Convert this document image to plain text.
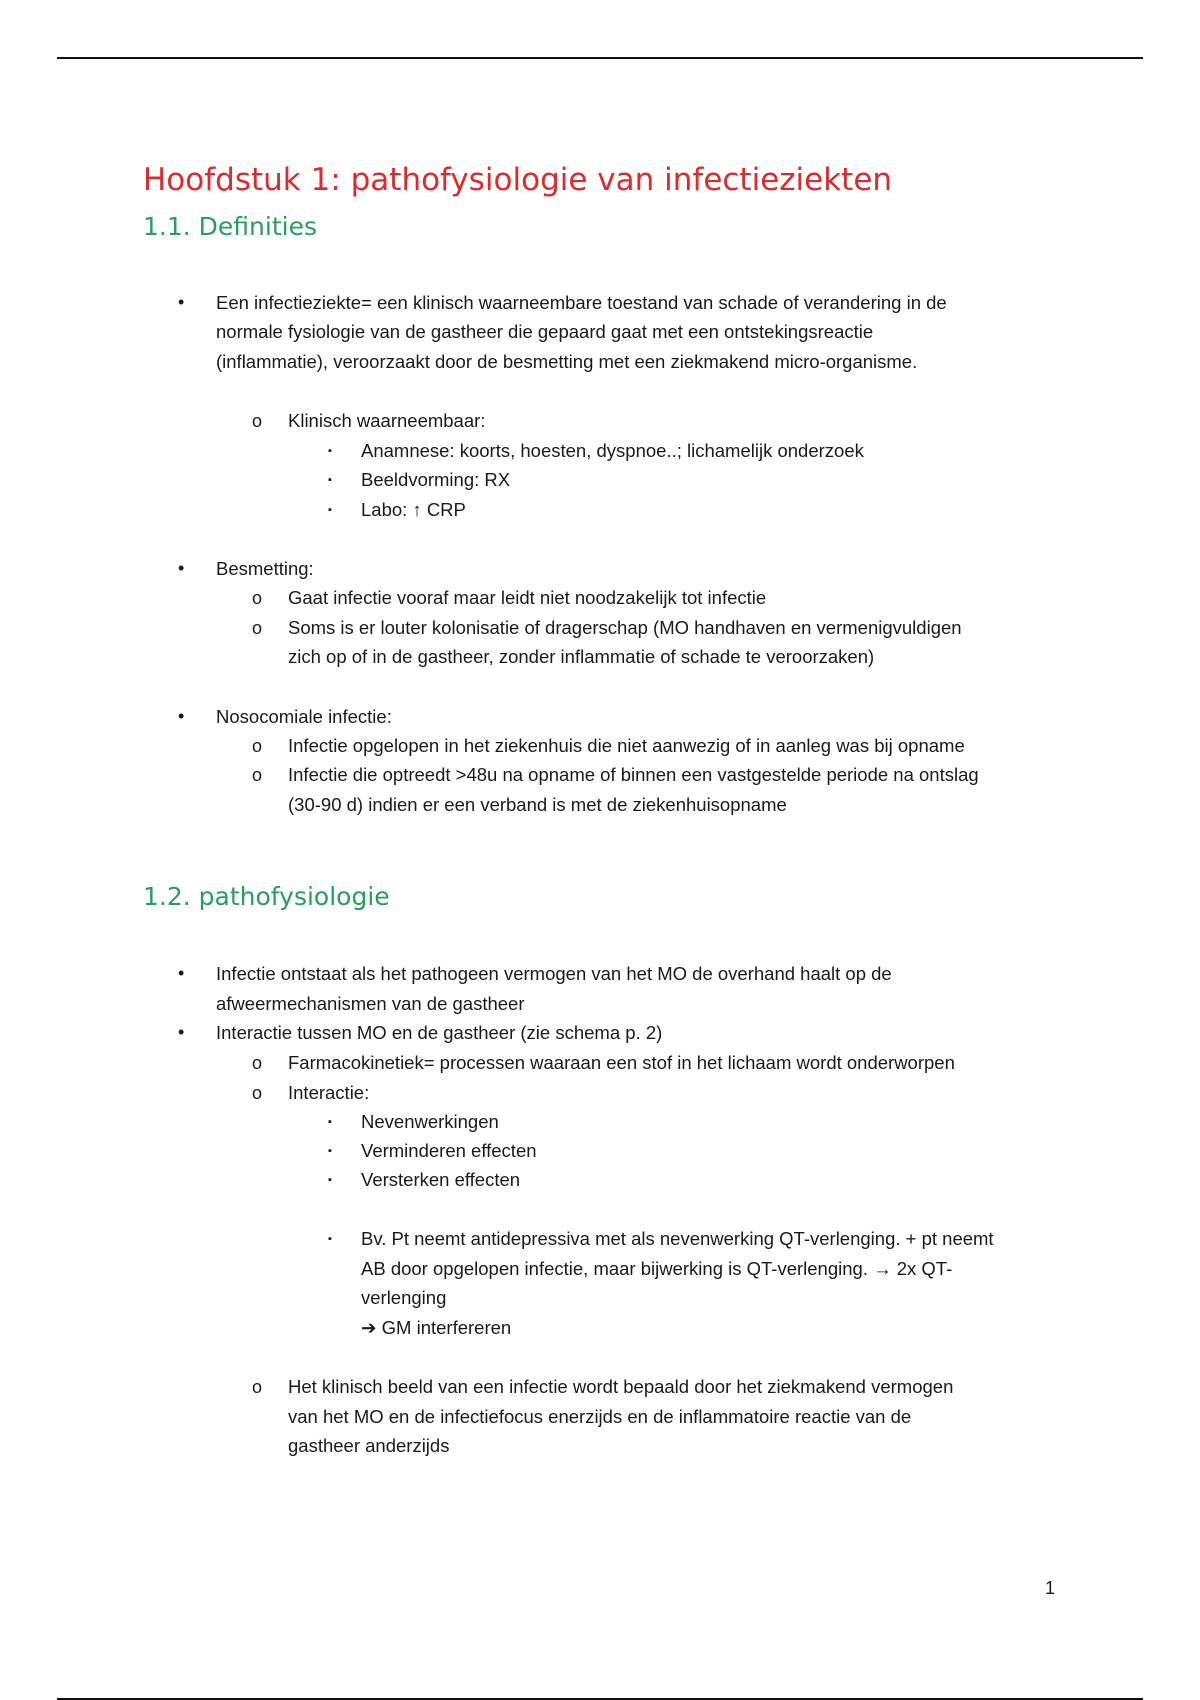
Hoofdstuk 1: pathofysiologie van infectieziekten
1.1. Definities
• Een infectieziekte= een klinisch waarneembare toestand van schade of verandering in de
normale fysiologie van de gastheer die gepaard gaat met een ontstekingsreactie
(inflammatie), veroorzaakt door de besmetting met een ziekmakend micro-organisme.
o Klinisch waarneembaar:
▪ Anamnese: koorts, hoesten, dyspnoe..; lichamelijk onderzoek
▪ Beeldvorming: RX
▪ Labo: ↑ CRP
• Besmetting:
o Gaat infectie vooraf maar leidt niet noodzakelijk tot infectie
o Soms is er louter kolonisatie of dragerschap (MO handhaven en vermenigvuldigen
zich op of in de gastheer, zonder inflammatie of schade te veroorzaken)
• Nosocomiale infectie:
o Infectie opgelopen in het ziekenhuis die niet aanwezig of in aanleg was bij opname
o Infectie die optreedt >48u na opname of binnen een vastgestelde periode na ontslag
(30-90 d) indien er een verband is met de ziekenhuisopname
1.2. pathofysiologie
• Infectie ontstaat als het pathogeen vermogen van het MO de overhand haalt op de
afweermechanismen van de gastheer
• Interactie tussen MO en de gastheer (zie schema p. 2)
o Farmacokinetiek= processen waaraan een stof in het lichaam wordt onderworpen
o Interactie:
▪ Nevenwerkingen
▪ Verminderen effecten
▪ Versterken effecten
▪ Bv. Pt neemt antidepressiva met als nevenwerking QT-verlenging. + pt neemt
AB door opgelopen infectie, maar bijwerking is QT-verlenging. → 2x QT-
verlenging
➔ GM interfereren
o Het klinisch beeld van een infectie wordt bepaald door het ziekmakend vermogen
van het MO en de infectiefocus enerzijds en de inflammatoire reactie van de
gastheer anderzijds
1
